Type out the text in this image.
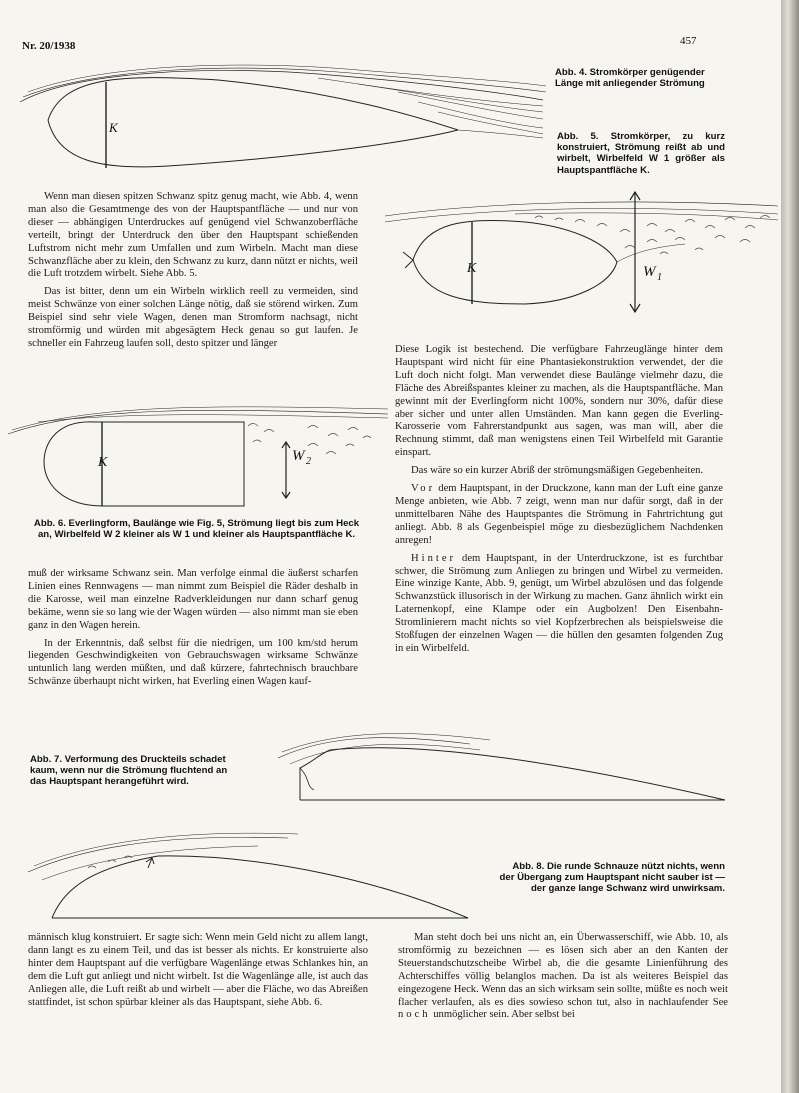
Nr. 20/1938	457
K
Abb. 4. Stromkörper genügender Länge mit anliegender Strömung
Abb. 5. Stromkörper, zu kurz konstruiert, Strömung reißt ab und wirbelt, Wirbelfeld W 1 größer als Hauptspantfläche K.
K	W 1

Wenn man diesen spitzen Schwanz spitz genug macht, wie Abb. 4, wenn man also die Gesamtmenge des von der Hauptspantfläche — und nur von dieser — abhängigen Unterdruckes auf genügend viel Schwanzoberfläche verteilt, bringt der Unterdruck den über den Hauptspant schießenden Luftstrom nicht mehr zum Umfallen und zum Wirbeln. Macht man diese Schwanzfläche aber zu klein, den Schwanz zu kurz, dann nützt er nichts, weil die Luft trotzdem wirbelt. Siehe Abb. 5.

Das ist bitter, denn um ein Wirbeln wirklich reell zu vermeiden, sind meist Schwänze von einer solchen Länge nötig, daß sie störend wirken. Zum Beispiel sind sehr viele Wagen, denen man Stromform nachsagt, nicht stromförmig und würden mit abgesägtem Heck genau so gut laufen. Je schneller ein Fahrzeug laufen soll, desto spitzer und länger

Diese Logik ist bestechend. Die verfügbare Fahrzeuglänge hinter dem Hauptspant wird nicht für eine Phantasiekonstruktion verwendet, der die Luft doch nicht folgt. Man verwendet diese Baulänge vielmehr dazu, die Fläche des Abreißspantes kleiner zu machen, als die Hauptspantfläche. Man gewinnt mit der Everlingform nicht 100%, sondern nur 30%, dafür diese aber sicher und unter allen Umständen. Man kann gegen die Everling-Karosserie vom Fahrerstandpunkt aus sagen, was man will, aber die Rechnung stimmt, daß man wenigstens einen Teil Wirbelfeld mit Garantie einspart.

Das wäre so ein kurzer Abriß der strömungsmäßigen Gegebenheiten.

Vor dem Hauptspant, in der Druckzone, kann man der Luft eine ganze Menge anbieten, wie Abb. 7 zeigt, wenn man nur dafür sorgt, daß in der unmittelbaren Nähe des Hauptspantes die Strömung in Fahrtrichtung gut anliegt. Abb. 8 als Gegenbeispiel möge zu diesbezüglichem Nachdenken anregen!

Hinter dem Hauptspant, in der Unterdruckzone, ist es furchtbar schwer, die Strömung zum Anliegen zu bringen und Wirbel zu vermeiden. Eine winzige Kante, Abb. 9, genügt, um Wirbel abzulösen und das folgende Schwanzstück illusorisch in der Wirkung zu machen. Ganz ähnlich wirkt ein Laternenkopf, eine Klampe oder ein Augbolzen! Den Eisenbahn-Stromlinierern macht nichts so viel Kopfzerbrechen als beispielsweise die Stoßfugen der einzelnen Wagen — die hüllen den gesamten folgenden Zug in ein Wirbelfeld.

K	W 2
Abb. 6. Everlingform, Baulänge wie Fig. 5, Strömung liegt bis zum Heck an, Wirbelfeld W 2 kleiner als W 1 und kleiner als Hauptspantfläche K.

muß der wirksame Schwanz sein. Man verfolge einmal die äußerst scharfen Linien eines Rennwagens — man nimmt zum Beispiel die Räder deshalb in die Karosse, weil man einzelne Radverkleidungen nur dann scharf genug bekäme, wenn sie so lang wie der Wagen würden — also nimmt man sie eben ganz in den Wagen herein.

In der Erkenntnis, daß selbst für die niedrigen, um 100 km/std herum liegenden Geschwindigkeiten von Gebrauchswagen wirksame Schwänze untunlich lang werden müßten, und daß kürzere, fahrtechnisch brauchbare Schwänze überhaupt nicht wirken, hat Everling einen Wagen kauf-

Abb. 7. Verformung des Druckteils schadet kaum, wenn nur die Strömung fluchtend an das Hauptspant herangeführt wird.
Abb. 8. Die runde Schnauze nützt nichts, wenn der Übergang zum Hauptspant nicht sauber ist — der ganze lange Schwanz wird unwirksam.

männisch klug konstruiert. Er sagte sich: Wenn mein Geld nicht zu allem langt, dann langt es zu einem Teil, und das ist besser als nichts. Er konstruierte also hinter dem Hauptspant auf die verfügbare Wagenlänge etwas Schlankes hin, an dem die Luft gut anliegt und nicht wirbelt. Ist die Wagenlänge alle, ist auch das Anliegen alle, die Luft reißt ab und wirbelt — aber die Fläche, wo das Abreißen stattfindet, ist schon spürbar kleiner als das Hauptspant, siehe Abb. 6.

Man steht doch bei uns nicht an, ein Überwasserschiff, wie Abb. 10, als stromförmig zu bezeichnen — es lösen sich aber an den Kanten der Steuerstandschutzscheibe Wirbel ab, die die gesamte Linienführung des Achterschiffes völlig belanglos machen. Da ist als weiteres Beispiel das eingezogene Heck. Wenn das an sich wirksam sein sollte, müßte es noch weit flacher verlaufen, als es dies sowieso schon tut, also in nachlaufender See noch unmöglicher sein. Aber selbst bei
